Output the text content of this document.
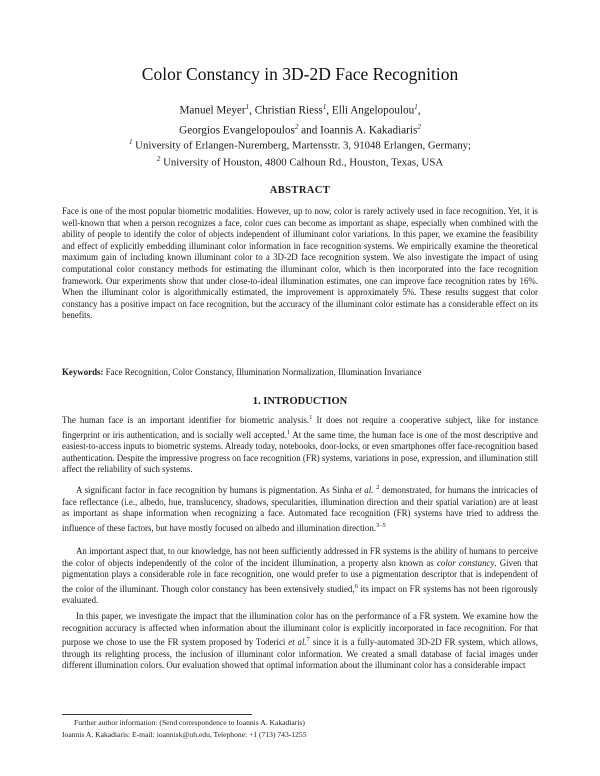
Color Constancy in 3D-2D Face Recognition
Manuel Meyer$^1$, Christian Riess$^1$, Elli Angelopoulou$^1$,
Georgios Evangelopoulos$^2$ and Ioannis A. Kakadiaris$^2$
$^1$ University of Erlangen-Nuremberg, Martensstr. 3, 91048 Erlangen, Germany;
$^2$ University of Houston, 4800 Calhoun Rd., Houston, Texas, USA
ABSTRACT

Face is one of the most popular biometric modalities. However, up to now, color is rarely actively used in face recognition. Yet, it is well-known that when a person recognizes a face, color cues can become as important as shape, especially when combined with the ability of people to identify the color of objects independent of illuminant color variations. In this paper, we examine the feasibility and effect of explicitly embedding illuminant color information in face recognition systems. We empirically examine the theoretical maximum gain of including known illuminant color to a 3D-2D face recognition system. We also investigate the impact of using computational color constancy methods for estimating the illuminant color, which is then incorporated into the face recognition framework. Our experiments show that under close-to-ideal illumination estimates, one can improve face recognition rates by 16%. When the illuminant color is algorithmically estimated, the improvement is approximately 5%. These results suggest that color constancy has a positive impact on face recognition, but the accuracy of the illuminant color estimate has a considerable effect on its benefits.

Keywords: Face Recognition, Color Constancy, Illumination Normalization, Illumination Invariance
1. INTRODUCTION

The human face is an important identifier for biometric analysis.$^1$ It does not require a cooperative subject, like for instance fingerprint or iris authentication, and is socially well accepted.$^1$ At the same time, the human face is one of the most descriptive and easiest-to-access inputs to biometric systems. Already today, notebooks, door-locks, or even smartphones offer face-recognition based authentication. Despite the impressive progress on face recognition (FR) systems, variations in pose, expression, and illumination still affect the reliability of such systems.

A significant factor in face recognition by humans is pigmentation. As Sinha et al. $^2$ demonstrated, for humans the intricacies of face reflectance (i.e., albedo, hue, translucency, shadows, specularities, illumination direction and their spatial variation) are at least as important as shape information when recognizing a face. Automated face recognition (FR) systems have tried to address the influence of these factors, but have mostly focused on albedo and illumination direction.$^{3-5}$

An important aspect that, to our knowledge, has not been sufficiently addressed in FR systems is the ability of humans to perceive the color of objects independently of the color of the incident illumination, a property also known as color constancy. Given that pigmentation plays a considerable role in face recognition, one would prefer to use a pigmentation descriptor that is independent of the color of the illuminant. Though color constancy has been extensively studied,$^6$ its impact on FR systems has not been rigorously evaluated.

In this paper, we investigate the impact that the illumination color has on the performance of a FR system. We examine how the recognition accuracy is affected when information about the illuminant color is explicitly incorporated in face recognition. For that purpose we chose to use the FR system proposed by Toderici et al.$^7$ since it is a fully-automated 3D-2D FR system, which allows, through its relighting process, the inclusion of illuminant color information. We created a small database of facial images under different illumination colors. Our evaluation showed that optimal information about the illuminant color has a considerable impact

Further author information: (Send correspondence to Ioannis A. Kakadiaris)
Ioannis A. Kakadiaris: E-mail: ioannisk@uh.edu, Telephone: +1 (713) 743-1255
